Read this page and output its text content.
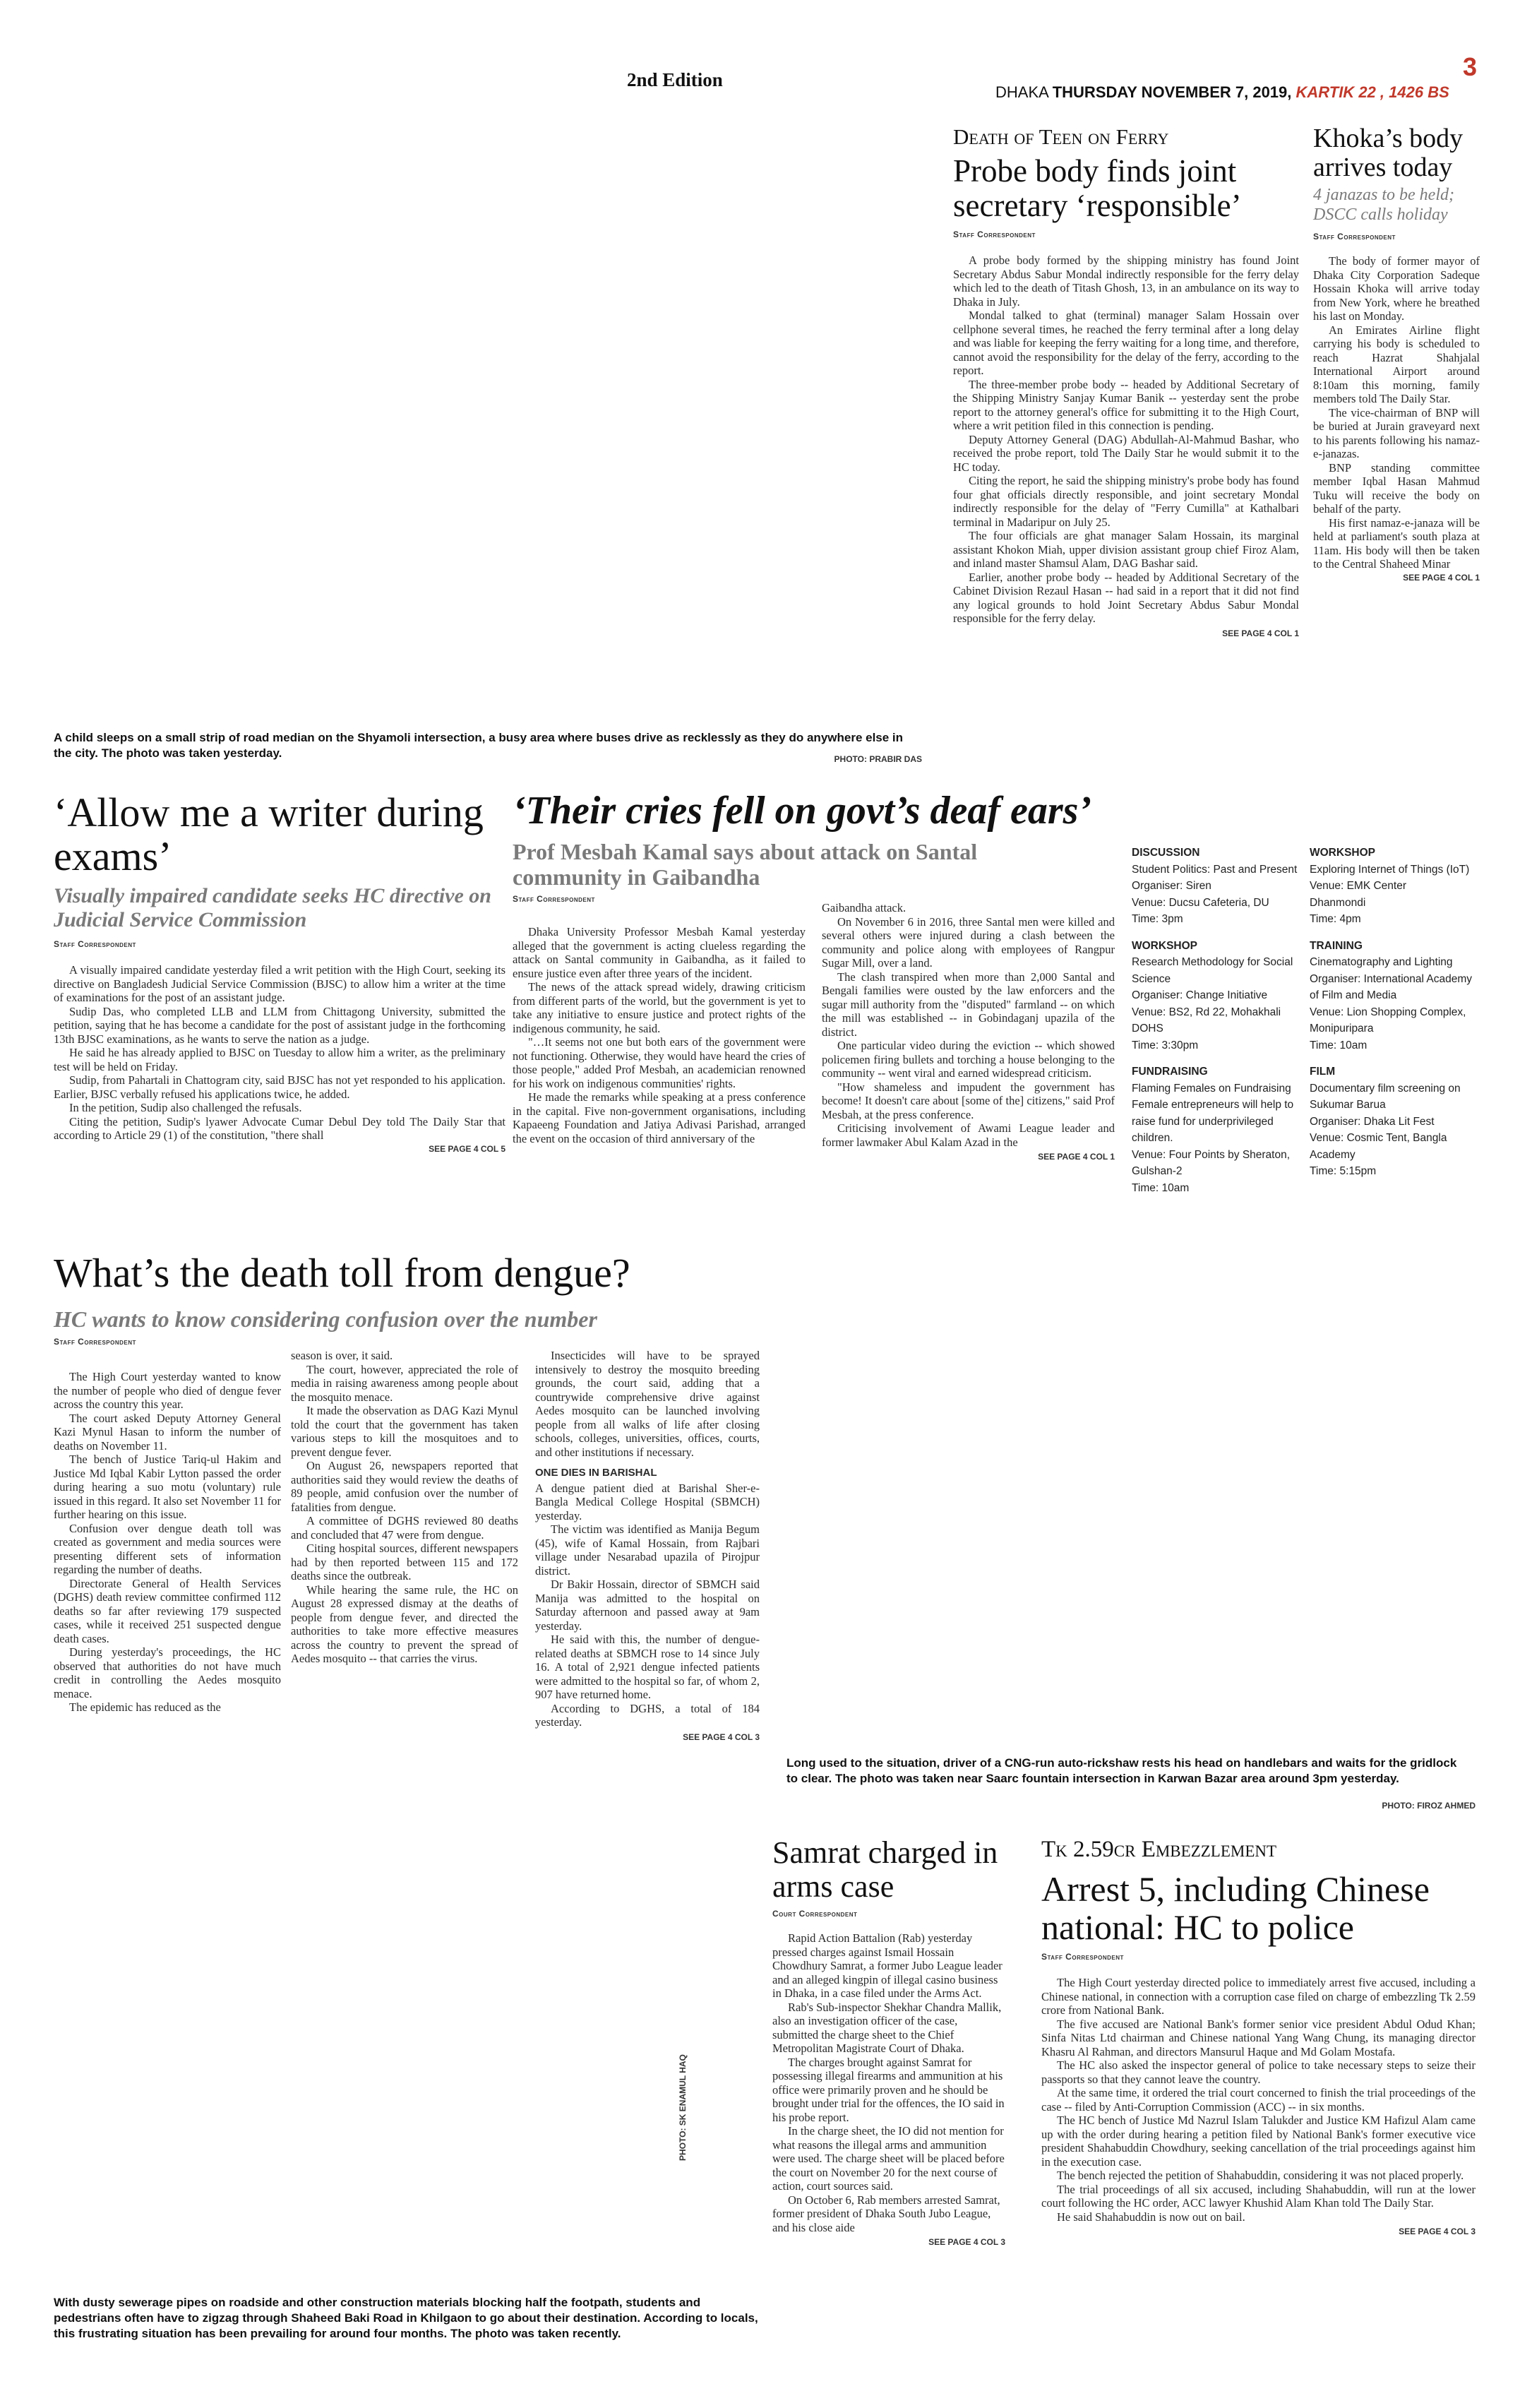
2nd Edition
DHAKA THURSDAY NOVEMBER 7, 2019, KARTIK 22 , 1426 BS
3
A child sleeps on a small strip of road median on the Shyamoli intersection, a busy area where buses drive as recklessly as they do anywhere else in the city. The photo was taken yesterday.	PHOTO: PRABIR DAS
Death of Teen on Ferry
Probe body finds joint secretary ‘responsible’
Staff Correspondent

A probe body formed by the shipping ministry has found Joint Secretary Abdus Sabur Mondal indirectly responsible for the ferry delay which led to the death of Titash Ghosh, 13, in an ambulance on its way to Dhaka in July.

Mondal talked to ghat (terminal) manager Salam Hossain over cellphone several times, he reached the ferry terminal after a long delay and was liable for keeping the ferry waiting for a long time, and therefore, cannot avoid the responsibility for the delay of the ferry, according to the report.

The three-member probe body -- headed by Additional Secretary of the Shipping Ministry Sanjay Kumar Banik -- yesterday sent the probe report to the attorney general's office for submitting it to the High Court, where a writ petition filed in this connection is pending.

Deputy Attorney General (DAG) Abdullah-Al-Mahmud Bashar, who received the probe report, told The Daily Star he would submit it to the HC today.

Citing the report, he said the shipping ministry's probe body has found four ghat officials directly responsible, and joint secretary Mondal indirectly responsible for the delay of "Ferry Cumilla" at Kathalbari terminal in Madaripur on July 25.

The four officials are ghat manager Salam Hossain, its marginal assistant Khokon Miah, upper division assistant group chief Firoz Alam, and inland master Shamsul Alam, DAG Bashar said.

Earlier, another probe body -- headed by Additional Secretary of the Cabinet Division Rezaul Hasan -- had said in a report that it did not find any logical grounds to hold Joint Secretary Abdus Sabur Mondal responsible for the ferry delay.

SEE PAGE 4 COL 1
Khoka’s body arrives today
4 janazas to be held; DSCC calls holiday
Staff Correspondent

The body of former mayor of Dhaka City Corporation Sadeque Hossain Khoka will arrive today from New York, where he breathed his last on Monday.

An Emirates Airline flight carrying his body is scheduled to reach Hazrat Shahjalal International Airport around 8:10am this morning, family members told The Daily Star.

The vice-chairman of BNP will be buried at Jurain graveyard next to his parents following his namaz-e-janazas.

BNP standing committee member Iqbal Hasan Mahmud Tuku will receive the body on behalf of the party.

His first namaz-e-janaza will be held at parliament's south plaza at 11am. His body will then be taken to the Central Shaheed Minar

SEE PAGE 4 COL 1
‘Allow me a writer during exams’
Visually impaired candidate seeks HC directive on Judicial Service Commission
Staff Correspondent

A visually impaired candidate yesterday filed a writ petition with the High Court, seeking its directive on Bangladesh Judicial Service Commission (BJSC) to allow him a writer at the time of examinations for the post of an assistant judge.

Sudip Das, who completed LLB and LLM from Chittagong University, submitted the petition, saying that he has become a candidate for the post of assistant judge in the forthcoming 13th BJSC examinations, as he wants to serve the nation as a judge.

He said he has already applied to BJSC on Tuesday to allow him a writer, as the preliminary test will be held on Friday.

Sudip, from Pahartali in Chattogram city, said BJSC has not yet responded to his application. Earlier, BJSC verbally refused his applications twice, he added.

In the petition, Sudip also challenged the refusals.

Citing the petition, Sudip's lyawer Advocate Cumar Debul Dey told The Daily Star that according to Article 29 (1) of the constitution, "there shall

SEE PAGE 4 COL 5
‘Their cries fell on govt’s deaf ears’
Prof Mesbah Kamal says about attack on Santal community in Gaibandha
Staff Correspondent

Dhaka University Professor Mesbah Kamal yesterday alleged that the government is acting clueless regarding the attack on Santal community in Gaibandha, as it failed to ensure justice even after three years of the incident.

The news of the attack spread widely, drawing criticism from different parts of the world, but the government is yet to take any initiative to ensure justice and protect rights of the indigenous community, he said.

"…It seems not one but both ears of the government were not functioning. Otherwise, they would have heard the cries of those people," added Prof Mesbah, an academician renowned for his work on indigenous communities' rights.

He made the remarks while speaking at a press conference in the capital. Five non-government organisations, including Kapaeeng Foundation and Jatiya Adivasi Parishad, arranged the event on the occasion of third anniversary of the

Gaibandha attack.

On November 6 in 2016, three Santal men were killed and several others were injured during a clash between the community and police along with employees of Rangpur Sugar Mill, over a land.

The clash transpired when more than 2,000 Santal and Bengali families were ousted by the law enforcers and the sugar mill authority from the "disputed" farmland -- on which the mill was established -- in Gobindaganj upazila of the district.

One particular video during the eviction -- which showed policemen firing bullets and torching a house belonging to the community -- went viral and earned widespread criticism.

"How shameless and impudent the government has become! It doesn't care about [some of the] citizens," said Prof Mesbah, at the press conference.

Criticising involvement of Awami League leader and former lawmaker Abul Kalam Azad in the

SEE PAGE 4 COL 1
DISCUSSION
Student Politics: Past and Present
Organiser: Siren
Venue: Ducsu Cafeteria, DU
Time: 3pm
WORKSHOP
Research Methodology for Social Science
Organiser: Change Initiative
Venue: BS2, Rd 22, Mohakhali DOHS
Time: 3:30pm
FUNDRAISING
Flaming Females on Fundraising
Female entrepreneurs will help to raise fund for underprivileged children.
Venue: Four Points by Sheraton, Gulshan-2
Time: 10am
WORKSHOP
Exploring Internet of Things (IoT)
Venue: EMK Center
Dhanmondi
Time: 4pm
TRAINING
Cinematography and Lighting
Organiser: International Academy of Film and Media
Venue: Lion Shopping Complex, Monipuripara
Time: 10am
FILM
Documentary film screening on Sukumar Barua
Organiser: Dhaka Lit Fest
Venue: Cosmic Tent, Bangla Academy
Time: 5:15pm
What’s the death toll from dengue?
HC wants to know considering confusion over the number
Staff Correspondent

The High Court yesterday wanted to know the number of people who died of dengue fever across the country this year.

The court asked Deputy Attorney General Kazi Mynul Hasan to inform the number of deaths on November 11.

The bench of Justice Tariq-ul Hakim and Justice Md Iqbal Kabir Lytton passed the order during hearing a suo motu (voluntary) rule issued in this regard. It also set November 11 for further hearing on this issue.

Confusion over dengue death toll was created as government and media sources were presenting different sets of information regarding the number of deaths.

Directorate General of Health Services (DGHS) death review committee confirmed 112 deaths so far after reviewing 179 suspected cases, while it received 251 suspected dengue death cases.

During yesterday's proceedings, the HC observed that authorities do not have much credit in controlling the Aedes mosquito menace.

The epidemic has reduced as the

season is over, it said.

The court, however, appreciated the role of media in raising awareness among people about the mosquito menace.

It made the observation as DAG Kazi Mynul told the court that the government has taken various steps to kill the mosquitoes and to prevent dengue fever.

On August 26, newspapers reported that authorities said they would review the deaths of 89 people, amid confusion over the number of fatalities from dengue.

A committee of DGHS reviewed 80 deaths and concluded that 47 were from dengue.

Citing hospital sources, different newspapers had by then reported between 115 and 172 deaths since the outbreak.

While hearing the same rule, the HC on August 28 expressed dismay at the deaths of people from dengue fever, and directed the authorities to take more effective measures across the country to prevent the spread of Aedes mosquito -- that carries the virus.

Insecticides will have to be sprayed intensively to destroy the mosquito breeding grounds, the court said, adding that a countrywide comprehensive drive against Aedes mosquito can be launched involving people from all walks of life after closing schools, colleges, universities, offices, courts, and other institutions if necessary.

ONE DIES IN BARISHAL

A dengue patient died at Barishal Sher-e-Bangla Medical College Hospital (SBMCH) yesterday.

The victim was identified as Manija Begum (45), wife of Kamal Hossain, from Rajbari village under Nesarabad upazila of Pirojpur district.

Dr Bakir Hossain, director of SBMCH said Manija was admitted to the hospital on Saturday afternoon and passed away at 9am yesterday.

He said with this, the number of dengue-related deaths at SBMCH rose to 14 since July 16. A total of 2,921 dengue infected patients were admitted to the hospital so far, of whom 2, 907 have returned home.

According to DGHS, a total of 184 yesterday.

SEE PAGE 4 COL 3
Long used to the situation, driver of a CNG-run auto-rickshaw rests his head on handlebars and waits for the gridlock to clear. The photo was taken near Saarc fountain intersection in Karwan Bazar area around 3pm yesterday.
PHOTO: FIROZ AHMED
PHOTO: SK ENAMUL HAQ
With dusty sewerage pipes on roadside and other construction materials blocking half the footpath, students and pedestrians often have to zigzag through Shaheed Baki Road in Khilgaon to go about their destination. According to locals, this frustrating situation has been prevailing for around four months. The photo was taken recently.
Samrat charged in arms case
Court Correspondent

Rapid Action Battalion (Rab) yesterday pressed charges against Ismail Hossain Chowdhury Samrat, a former Jubo League leader and an alleged kingpin of illegal casino business in Dhaka, in a case filed under the Arms Act.

Rab's Sub-inspector Shekhar Chandra Mallik, also an investigation officer of the case, submitted the charge sheet to the Chief Metropolitan Magistrate Court of Dhaka.

The charges brought against Samrat for possessing illegal firearms and ammunition at his office were primarily proven and he should be brought under trial for the offences, the IO said in his probe report.

In the charge sheet, the IO did not mention for what reasons the illegal arms and ammunition were used. The charge sheet will be placed before the court on November 20 for the next course of action, court sources said.

On October 6, Rab members arrested Samrat, former president of Dhaka South Jubo League, and his close aide

SEE PAGE 4 COL 3
Tk 2.59cr Embezzlement
Arrest 5, including Chinese national: HC to police
Staff Correspondent

The High Court yesterday directed police to immediately arrest five accused, including a Chinese national, in connection with a corruption case filed on charge of embezzling Tk 2.59 crore from National Bank.

The five accused are National Bank's former senior vice president Abdul Odud Khan; Sinfa Nitas Ltd chairman and Chinese national Yang Wang Chung, its managing director Khasru Al Rahman, and directors Mansurul Haque and Md Golam Mostafa.

The HC also asked the inspector general of police to take necessary steps to seize their passports so that they cannot leave the country.

At the same time, it ordered the trial court concerned to finish the trial proceedings of the case -- filed by Anti-Corruption Commission (ACC) -- in six months.

The HC bench of Justice Md Nazrul Islam Talukder and Justice KM Hafizul Alam came up with the order during hearing a petition filed by National Bank's former executive vice president Shahabuddin Chowdhury, seeking cancellation of the trial proceedings against him in the execution case.

The bench rejected the petition of Shahabuddin, considering it was not placed properly.

The trial proceedings of all six accused, including Shahabuddin, will run at the lower court following the HC order, ACC lawyer Khushid Alam Khan told The Daily Star.

He said Shahabuddin is now out on bail.

SEE PAGE 4 COL 3
